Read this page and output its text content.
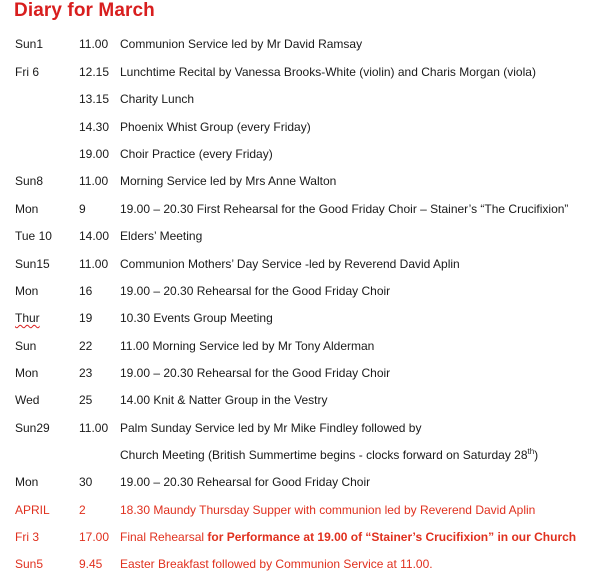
Diary for March
Sun1	11.00 Communion Service led by Mr David Ramsay
Fri 6	12.15 Lunchtime Recital by Vanessa Brooks-White (violin) and Charis Morgan (viola)
13.15 Charity Lunch
14.30 Phoenix Whist Group (every Friday)
19.00 Choir Practice (every Friday)
Sun8	11.00 Morning Service led by Mrs Anne Walton
Mon	9	19.00 – 20.30 First Rehearsal for the Good Friday Choir – Stainer’s “The Crucifixion”
Tue 10 14.00 Elders’ Meeting
Sun15 11.00 Communion Mothers’ Day Service -led by Reverend David Aplin
Mon	16 19.00 – 20.30 Rehearsal for the Good Friday Choir
Thur	19 10.30 Events Group Meeting
Sun	22 11.00 Morning Service led by Mr Tony Alderman
Mon	23 19.00 – 20.30 Rehearsal for the Good Friday Choir
Wed	25 14.00 Knit & Natter Group in the Vestry
Sun29 11.00 Palm Sunday Service led by Mr Mike Findley followed by
Church Meeting (British Summertime begins - clocks forward on Saturday 28th)
Mon	30 19.00 – 20.30 Rehearsal for Good Friday Choir
APRIL 2	18.30 Maundy Thursday Supper with communion led by Reverend David Aplin
Fri 3	17.00 Final Rehearsal for Performance at 19.00 of “Stainer’s Crucifixion” in our Church
Sun5	9.45 Easter Breakfast followed by Communion Service at 11.00.
